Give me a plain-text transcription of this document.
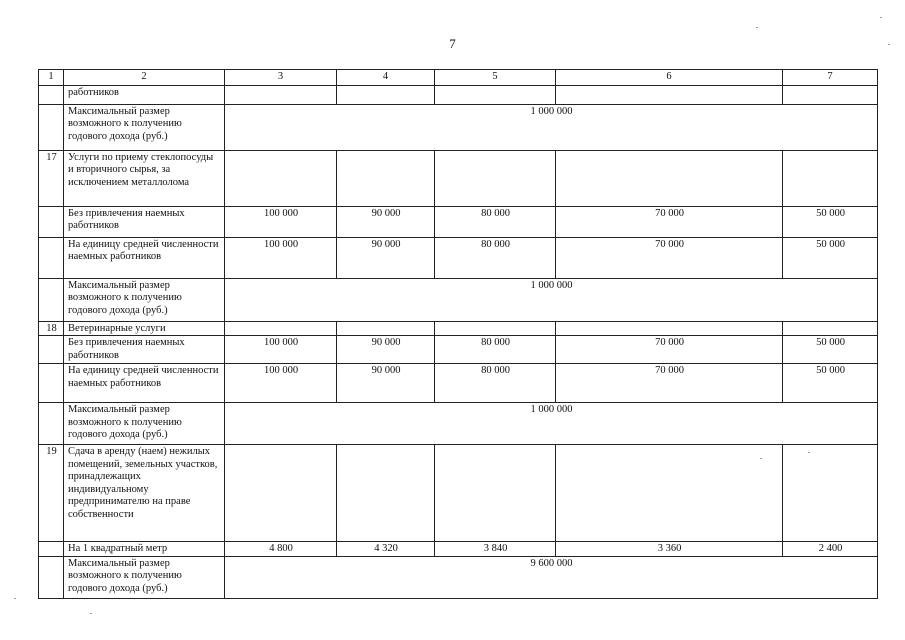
7
1	2	3	4	5	6	7
	работников					
	Максимальный размер возможного к получению годового дохода (руб.)	1 000 000				
17	Услуги по приему стеклопосуды и вторичного сырья, за исключением металлолома					
	Без привлечения наемных работников	100 000	90 000	80 000	70 000	50 000
	На единицу средней численности наемных работников	100 000	90 000	80 000	70 000	50 000
	Максимальный размер возможного к получению годового дохода (руб.)	1 000 000				
18	Ветеринарные услуги					
	Без привлечения наемных работников	100 000	90 000	80 000	70 000	50 000
	На единицу средней численности наемных работников	100 000	90 000	80 000	70 000	50 000
	Максимальный размер возможного к получению годового дохода (руб.)	1 000 000				
19	Сдача в аренду (наем) нежилых помещений, земельных участков, принадлежащих индивидуальному предпринимателю на праве собственности					
	На 1 квадратный метр	4 800	4 320	3 840	3 360	2 400
	Максимальный размер возможного к получению годового дохода (руб.)	9 600 000				
